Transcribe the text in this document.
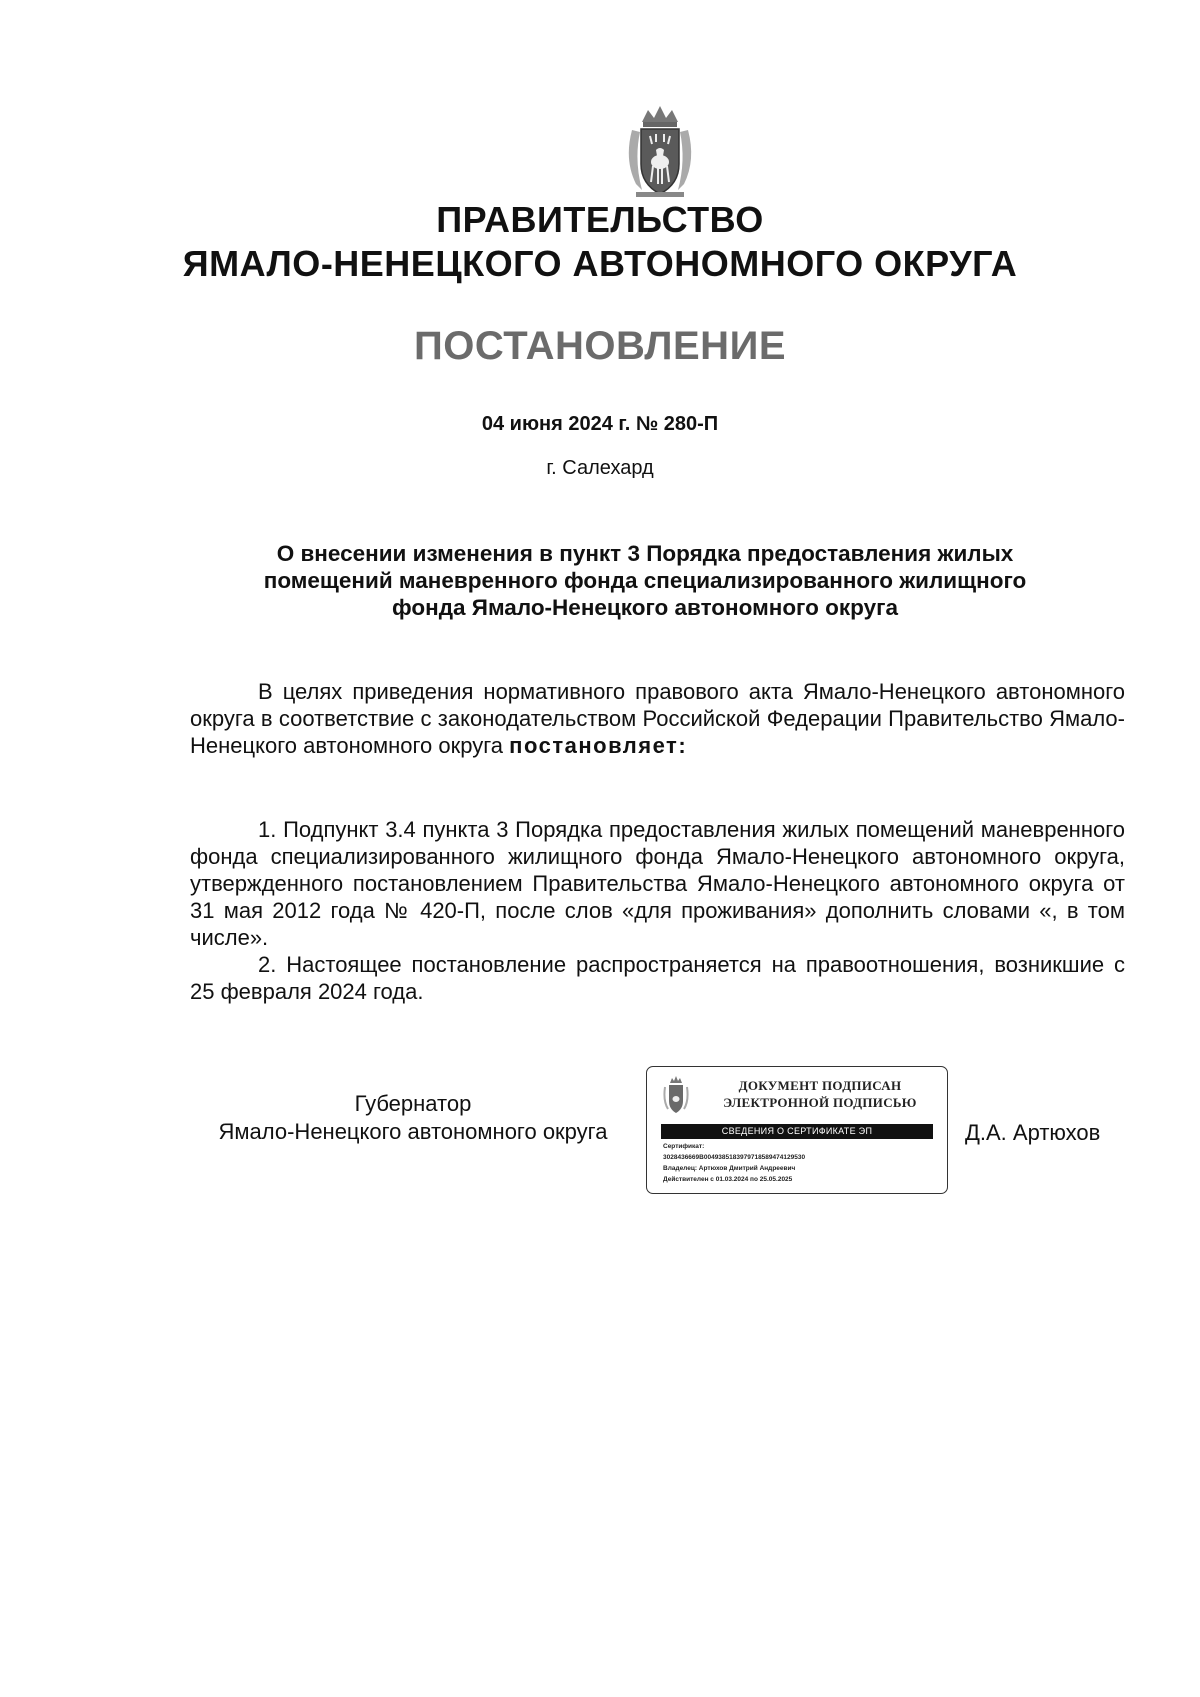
ПРАВИТЕЛЬСТВО
ЯМАЛО-НЕНЕЦКОГО АВТОНОМНОГО ОКРУГА
ПОСТАНОВЛЕНИЕ
04 июня 2024 г. № 280-П
г. Салехард
О внесении изменения в пункт 3 Порядка предоставления жилых
помещений маневренного фонда специализированного жилищного
фонда Ямало-Ненецкого автономного округа

В целях приведения нормативного правового акта Ямало-Ненецкого автономного округа в соответствие с законодательством Российской Федерации Правительство Ямало-Ненецкого автономного округа постановляет:

1. Подпункт 3.4 пункта 3 Порядка предоставления жилых помещений маневренного фонда специализированного жилищного фонда Ямало-Ненецкого автономного округа, утвержденного постановлением Правительства Ямало-Ненецкого автономного округа от 31 мая 2012 года № 420-П, после слов «для проживания» дополнить словами «, в том числе».

2. Настоящее постановление распространяется на правоотношения, возникшие с 25 февраля 2024 года.

Губернатор
Ямало-Ненецкого автономного округа
ДОКУМЕНТ ПОДПИСАН
ЭЛЕКТРОННОЙ ПОДПИСЬЮ
СВЕДЕНИЯ О СЕРТИФИКАТЕ ЭП
Сертификат:
3028436669B0049385183979718589474129530
Владелец: Артюхов Дмитрий Андреевич
Действителен с 01.03.2024 по 25.05.2025
Д.А. Артюхов
